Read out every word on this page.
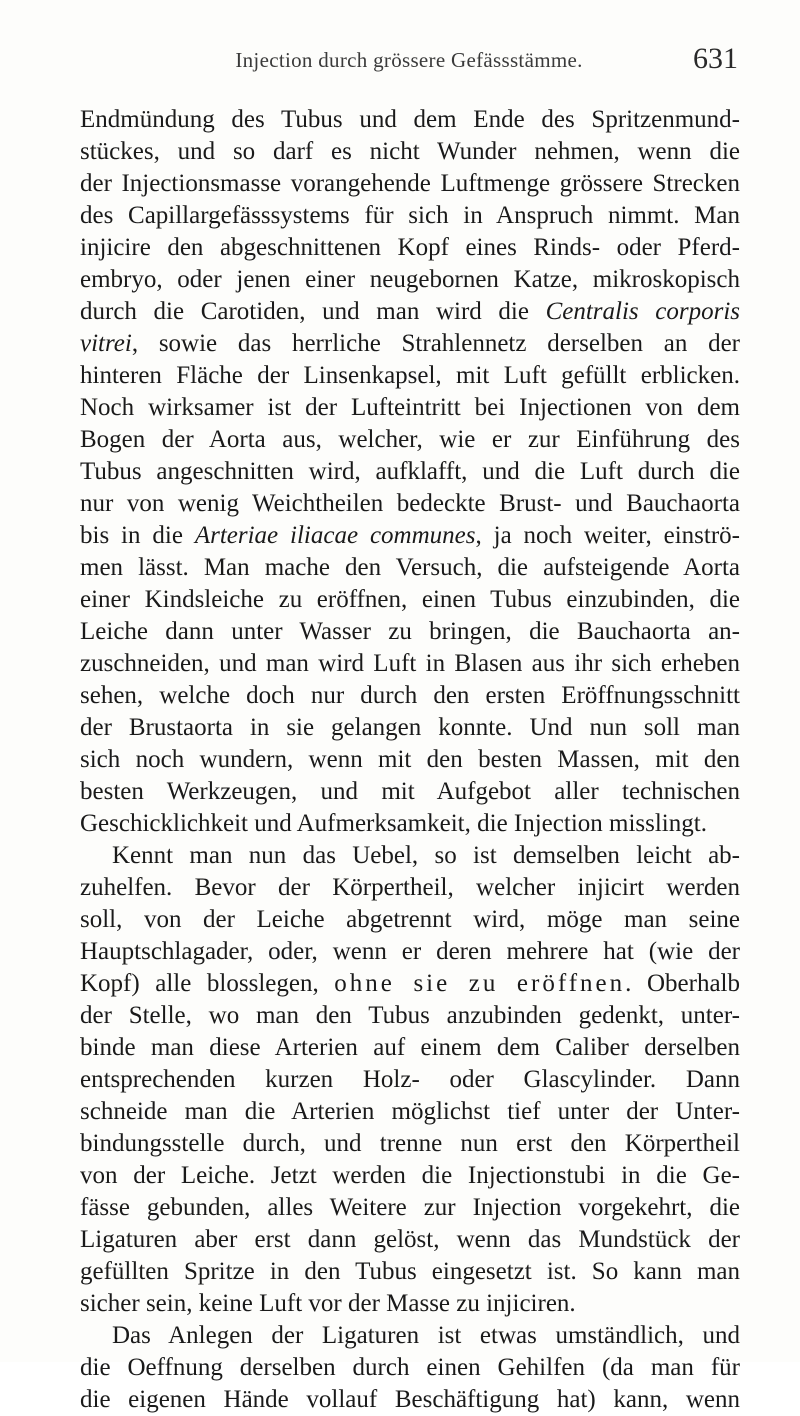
Injection durch grössere Gefässstämme.	631
Endmündung des Tubus und dem Ende des Spritzenmund-
stückes, und so darf es nicht Wunder nehmen, wenn die
der Injectionsmasse vorangehende Luftmenge grössere Strecken
des Capillargefässsystems für sich in Anspruch nimmt. Man
injicire den abgeschnittenen Kopf eines Rinds- oder Pferd-
embryo, oder jenen einer neugebornen Katze, mikroskopisch
durch die Carotiden, und man wird die Centralis corporis
vitrei, sowie das herrliche Strahlennetz derselben an der
hinteren Fläche der Linsenkapsel, mit Luft gefüllt erblicken.
Noch wirksamer ist der Lufteintritt bei Injectionen von dem
Bogen der Aorta aus, welcher, wie er zur Einführung des
Tubus angeschnitten wird, aufklafft, und die Luft durch die
nur von wenig Weichtheilen bedeckte Brust- und Bauchaorta
bis in die Arteriae iliacae communes, ja noch weiter, einströ-
men lässt. Man mache den Versuch, die aufsteigende Aorta
einer Kindsleiche zu eröffnen, einen Tubus einzubinden, die
Leiche dann unter Wasser zu bringen, die Bauchaorta an-
zuschneiden, und man wird Luft in Blasen aus ihr sich erheben
sehen, welche doch nur durch den ersten Eröffnungsschnitt
der Brustaorta in sie gelangen konnte. Und nun soll man
sich noch wundern, wenn mit den besten Massen, mit den
besten Werkzeugen, und mit Aufgebot aller technischen
Geschicklichkeit und Aufmerksamkeit, die Injection misslingt.
Kennt man nun das Uebel, so ist demselben leicht ab-
zuhelfen. Bevor der Körpertheil, welcher injicirt werden
soll, von der Leiche abgetrennt wird, möge man seine
Hauptschlagader, oder, wenn er deren mehrere hat (wie der
Kopf) alle blosslegen, ohne sie zu eröffnen. Oberhalb
der Stelle, wo man den Tubus anzubinden gedenkt, unter-
binde man diese Arterien auf einem dem Caliber derselben
entsprechenden kurzen Holz- oder Glascylinder. Dann
schneide man die Arterien möglichst tief unter der Unter-
bindungsstelle durch, und trenne nun erst den Körpertheil
von der Leiche. Jetzt werden die Injectionstubi in die Ge-
fässe gebunden, alles Weitere zur Injection vorgekehrt, die
Ligaturen aber erst dann gelöst, wenn das Mundstück der
gefüllten Spritze in den Tubus eingesetzt ist. So kann man
sicher sein, keine Luft vor der Masse zu injiciren.
Das Anlegen der Ligaturen ist etwas umständlich, und
die Oeffnung derselben durch einen Gehilfen (da man für
die eigenen Hände vollauf Beschäftigung hat) kann, wenn
